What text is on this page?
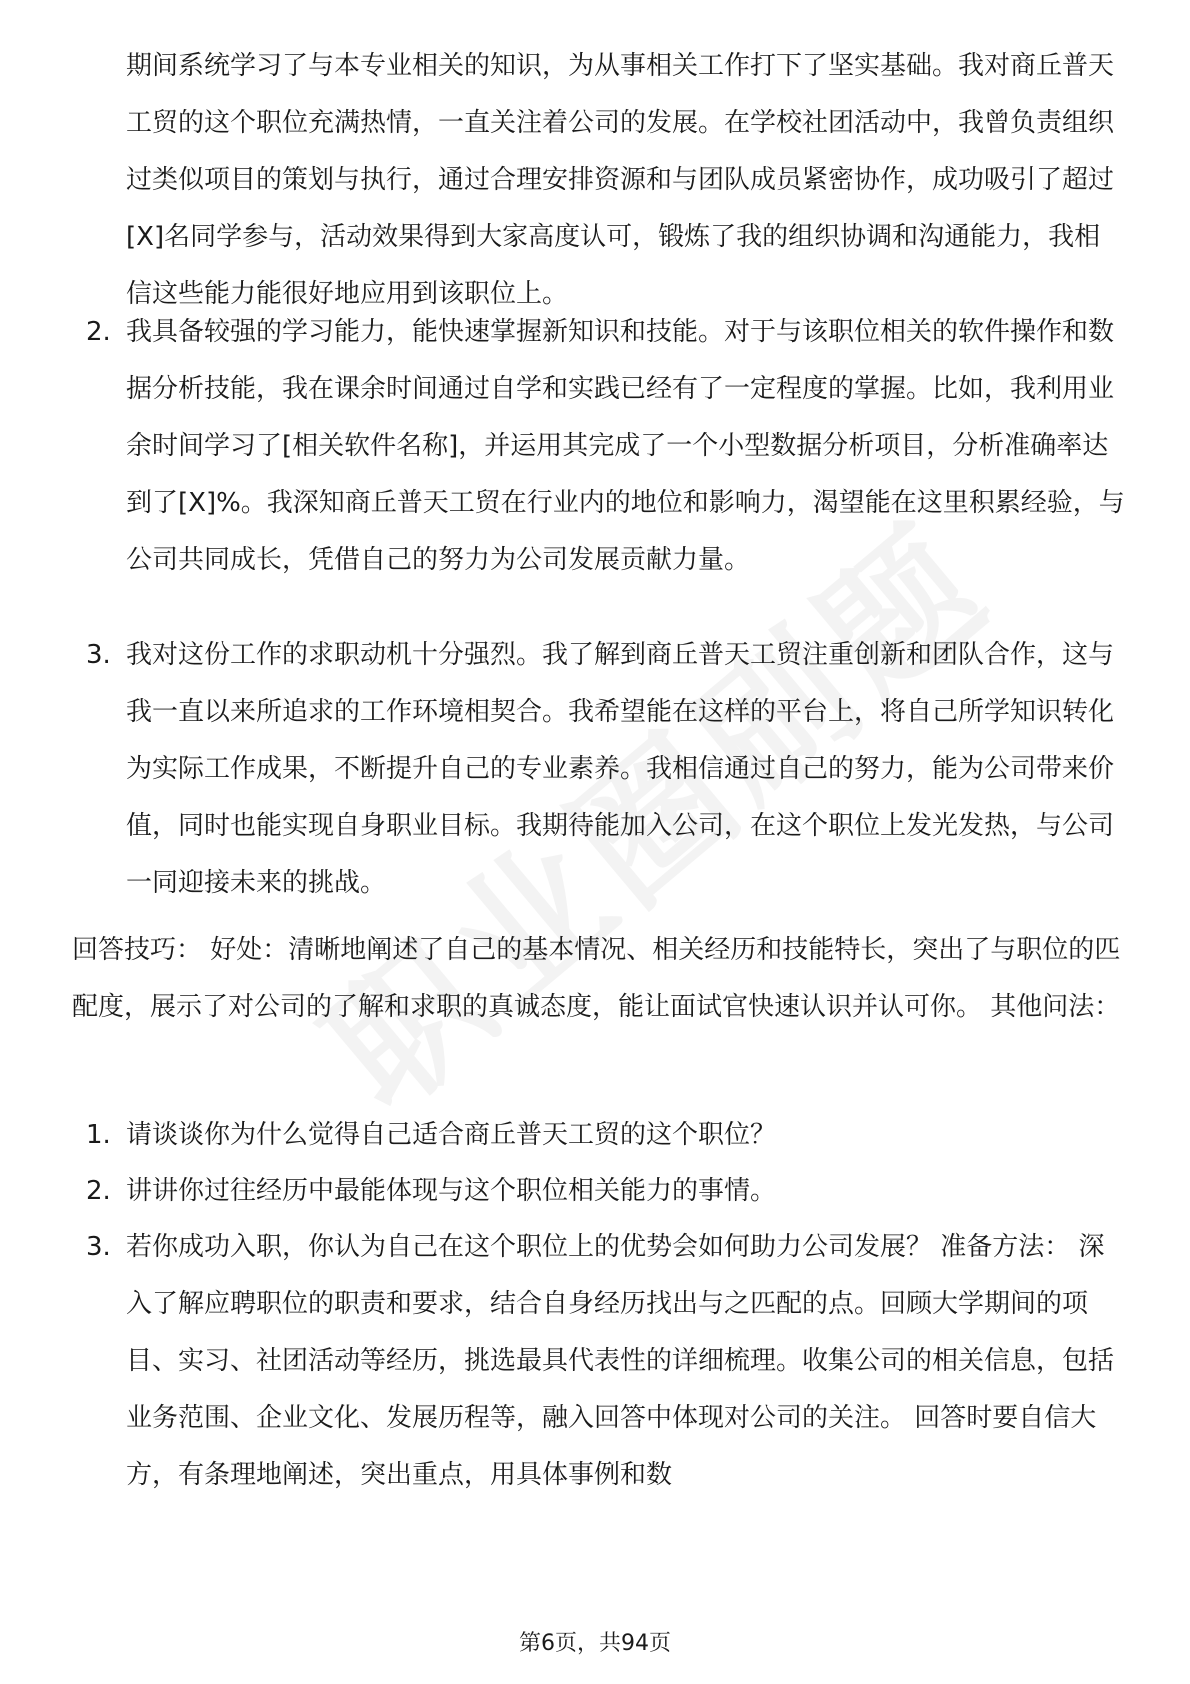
期间系统学习了与本专业相关的知识，为从事相关工作打下了坚实基础。我对商丘普天工贸的这个职位充满热情，一直关注着公司的发展。在学校社团活动中，我曾负责组织过类似项目的策划与执行，通过合理安排资源和与团队成员紧密协作，成功吸引了超过[X]名同学参与，活动效果得到大家高度认可，锻炼了我的组织协调和沟通能力，我相信这些能力能很好地应用到该职位上。
2. 我具备较强的学习能力，能快速掌握新知识和技能。对于与该职位相关的软件操作和数据分析技能，我在课余时间通过自学和实践已经有了一定程度的掌握。比如，我利用业余时间学习了[相关软件名称]，并运用其完成了一个小型数据分析项目，分析准确率达到了[X]%。我深知商丘普天工贸在行业内的地位和影响力，渴望能在这里积累经验，与公司共同成长，凭借自己的努力为公司发展贡献力量。
3. 我对这份工作的求职动机十分强烈。我了解到商丘普天工贸注重创新和团队合作，这与我一直以来所追求的工作环境相契合。我希望能在这样的平台上，将自己所学知识转化为实际工作成果，不断提升自己的专业素养。我相信通过自己的努力，能为公司带来价值，同时也能实现自身职业目标。我期待能加入公司，在这个职位上发光发热，与公司一同迎接未来的挑战。
回答技巧： 好处：清晰地阐述了自己的基本情况、相关经历和技能特长，突出了与职位的匹配度，展示了对公司的了解和求职的真诚态度，能让面试官快速认识并认可你。 其他问法：
1. 请谈谈你为什么觉得自己适合商丘普天工贸的这个职位？
2. 讲讲你过往经历中最能体现与这个职位相关能力的事情。
3. 若你成功入职，你认为自己在这个职位上的优势会如何助力公司发展？ 准备方法： 深入了解应聘职位的职责和要求，结合自身经历找出与之匹配的点。回顾大学期间的项目、实习、社团活动等经历，挑选最具代表性的详细梳理。收集公司的相关信息，包括业务范围、企业文化、发展历程等，融入回答中体现对公司的关注。 回答时要自信大方，有条理地阐述，突出重点，用具体事例和数
第6页，共94页
